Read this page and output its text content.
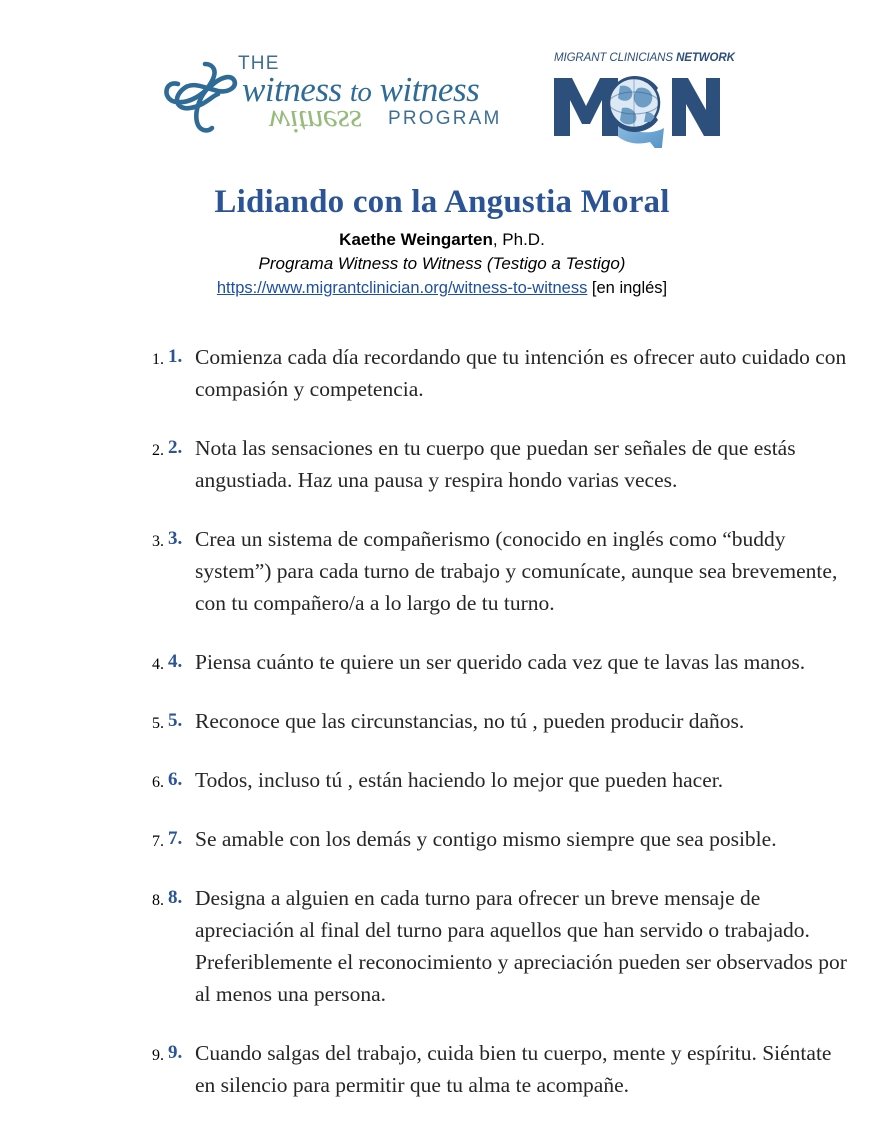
THE
witness to witness
witness PROGRAM
MIGRANT CLINICIANS NETWORK
Lidiando con la Angustia Moral
Kaethe Weingarten, Ph.D.
Programa Witness to Witness (Testigo a Testigo)
https://www.migrantclinician.org/witness-to-witness [en inglés]
1. 1. Comienza cada día recordando que tu intención es ofrecer auto cuidado con compasión y competencia.
2. 2. Nota las sensaciones en tu cuerpo que puedan ser señales de que estás angustiada. Haz una pausa y respira hondo varias veces.
3. 3. Crea un sistema de compañerismo (conocido en inglés como “buddy system”) para cada turno de trabajo y comunícate, aunque sea brevemente, con tu compañero/a a lo largo de tu turno.
4. 4. Piensa cuánto te quiere un ser querido cada vez que te lavas las manos.
5. 5. Reconoce que las circunstancias, no tú , pueden producir daños.
6. 6. Todos, incluso tú , están haciendo lo mejor que pueden hacer.
7. 7. Se amable con los demás y contigo mismo siempre que sea posible.
8. 8. Designa a alguien en cada turno para ofrecer un breve mensaje de apreciación al final del turno para aquellos que han servido o trabajado. Preferiblemente el reconocimiento y apreciación pueden ser observados por al menos una persona.
9. 9. Cuando salgas del trabajo, cuida bien tu cuerpo, mente y espíritu. Siéntate en silencio para permitir que tu alma te acompañe.
